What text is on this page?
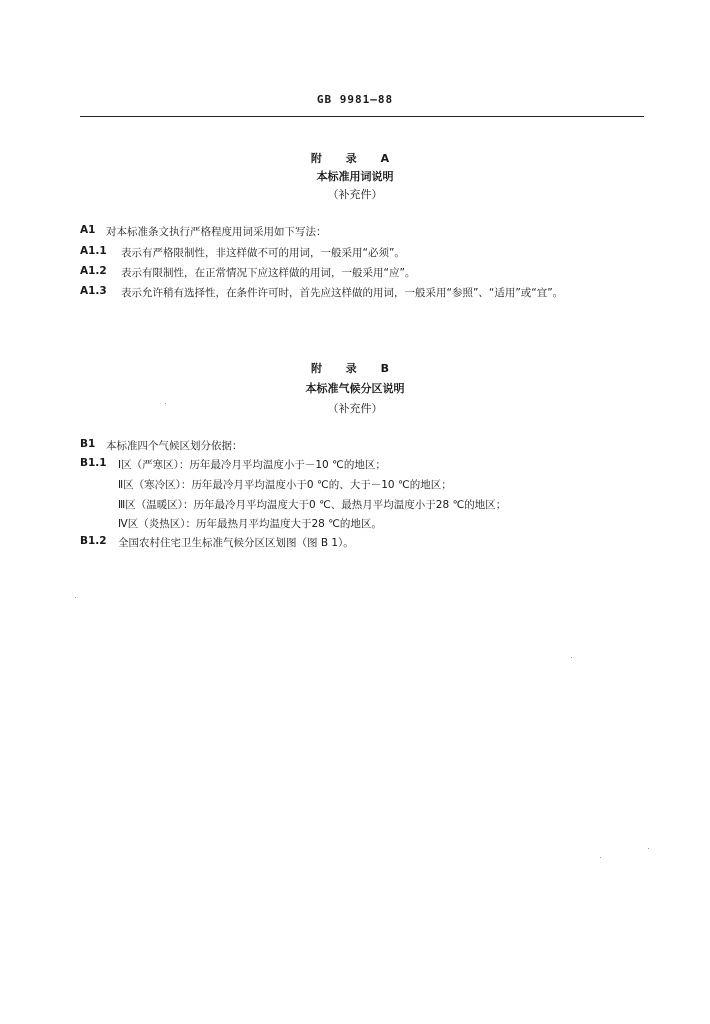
GB 9981—88
附 录 A
本标准用词说明
（补充件）
A1 对本标准条文执行严格程度用词采用如下写法：
A1.1 表示有严格限制性，非这样做不可的用词，一般采用“必须”。
A1.2 表示有限制性，在正常情况下应这样做的用词，一般采用“应”。
A1.3 表示允许稍有选择性，在条件许可时，首先应这样做的用词，一般采用“参照”、“适用”或“宜”。
附 录 B
本标准气候分区说明
（补充件）
B1 本标准四个气候区划分依据：
B1.1 Ⅰ区（严寒区）：历年最冷月平均温度小于－10 ℃的地区；
Ⅱ区（寒冷区）：历年最冷月平均温度小于0 ℃的、大于－10 ℃的地区；
Ⅲ区（温暖区）：历年最冷月平均温度大于0 ℃、最热月平均温度小于28 ℃的地区；
Ⅳ区（炎热区）：历年最热月平均温度大于28 ℃的地区。
B1.2 全国农村住宅卫生标准气候分区区划图（图 B 1）。
